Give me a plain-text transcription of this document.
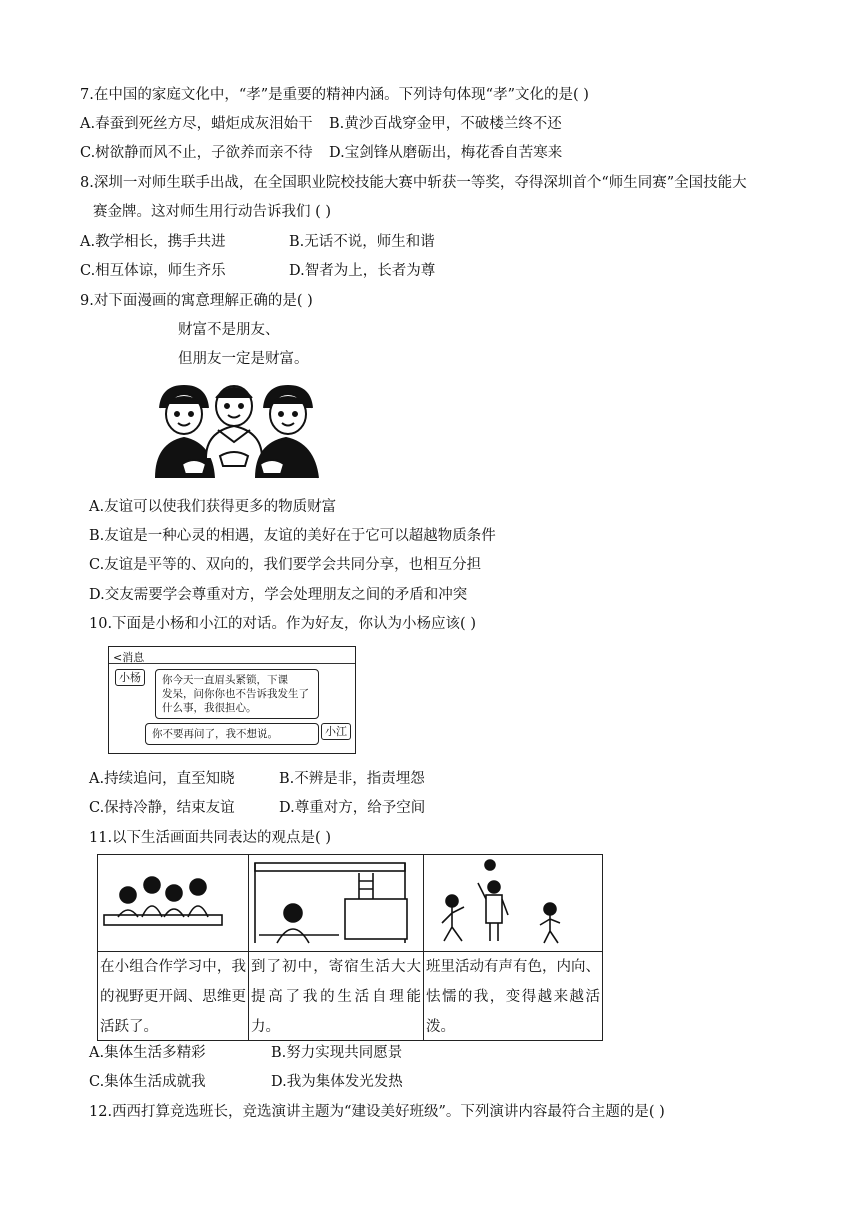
7.在中国的家庭文化中，“孝”是重要的精神内涵。下列诗句体现“孝”文化的是( )
A.春蚕到死丝方尽，蜡炬成灰泪始干 B.黄沙百战穿金甲，不破楼兰终不还
C.树欲静而风不止，子欲养而亲不待 D.宝剑锋从磨砺出，梅花香自苦寒来
8.深圳一对师生联手出战，在全国职业院校技能大赛中斩获一等奖，夺得深圳首个“师生同赛”全国技能大
赛金牌。这对师生用行动告诉我们 ( )
A.教学相长，携手共进	B.无话不说，师生和谐
C.相互体谅，师生齐乐	D.智者为上，长者为尊
9.对下面漫画的寓意理解正确的是( )
财富不是朋友、
但朋友一定是财富。
A.友谊可以使我们获得更多的物质财富
B.友谊是一种心灵的相遇，友谊的美好在于它可以超越物质条件
C.友谊是平等的、双向的，我们要学会共同分享，也相互分担
D.交友需要学会尊重对方，学会处理朋友之间的矛盾和冲突
10.下面是小杨和小江的对话。作为好友，你认为小杨应该( )
<消息
小杨	你今天一直眉头紧锁，下课
发呆，问你你也不告诉我发生了
什么事，我很担心。
你不要再问了，我不想说。	小江
A.持续追问，直至知晓	B.不辨是非，指责埋怨
C.保持冷静，结束友谊	D.尊重对方，给予空间
11.以下生活画面共同表达的观点是( )

在小组合作学习中，我的视野更开阔、思维更活跃了。	到了初中，寄宿生活大大提高了我的生活自理能力。	班里活动有声有色，内向、怯懦的我，变得越来越活泼。
A.集体生活多精彩	B.努力实现共同愿景
C.集体生活成就我	D.我为集体发光发热
12.西西打算竞选班长，竞选演讲主题为“建设美好班级”。下列演讲内容最符合主题的是( )
